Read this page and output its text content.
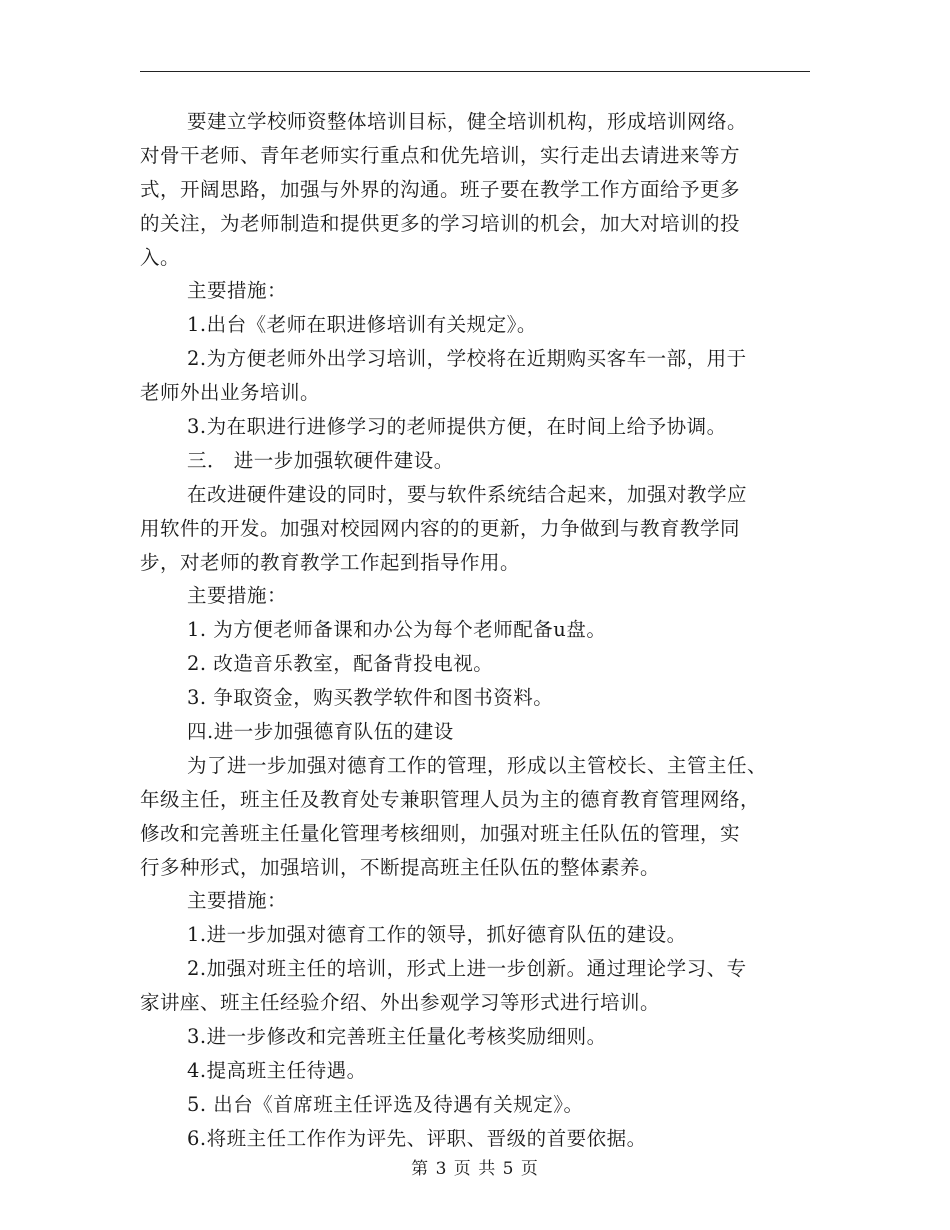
要建立学校师资整体培训目标，健全培训机构，形成培训网络。
对骨干老师、青年老师实行重点和优先培训，实行走出去请进来等方
式，开阔思路，加强与外界的沟通。班子要在教学工作方面给予更多
的关注，为老师制造和提供更多的学习培训的机会，加大对培训的投
入。
主要措施：
1.出台《老师在职进修培训有关规定》。
2.为方便老师外出学习培训，学校将在近期购买客车一部，用于
老师外出业务培训。
3.为在职进行进修学习的老师提供方便，在时间上给予协调。
三． 进一步加强软硬件建设。
在改进硬件建设的同时，要与软件系统结合起来，加强对教学应
用软件的开发。加强对校园网内容的的更新，力争做到与教育教学同
步，对老师的教育教学工作起到指导作用。
主要措施：
1. 为方便老师备课和办公为每个老师配备u盘。
2. 改造音乐教室，配备背投电视。
3. 争取资金，购买教学软件和图书资料。
四.进一步加强德育队伍的建设
为了进一步加强对德育工作的管理，形成以主管校长、主管主任、
年级主任，班主任及教育处专兼职管理人员为主的德育教育管理网络，
修改和完善班主任量化管理考核细则，加强对班主任队伍的管理，实
行多种形式，加强培训，不断提高班主任队伍的整体素养。
主要措施：
1.进一步加强对德育工作的领导，抓好德育队伍的建设。
2.加强对班主任的培训，形式上进一步创新。通过理论学习、专
家讲座、班主任经验介绍、外出参观学习等形式进行培训。
3.进一步修改和完善班主任量化考核奖励细则。
4.提高班主任待遇。
5. 出台《首席班主任评选及待遇有关规定》。
6.将班主任工作作为评先、评职、晋级的首要依据。
第 3 页 共 5 页
